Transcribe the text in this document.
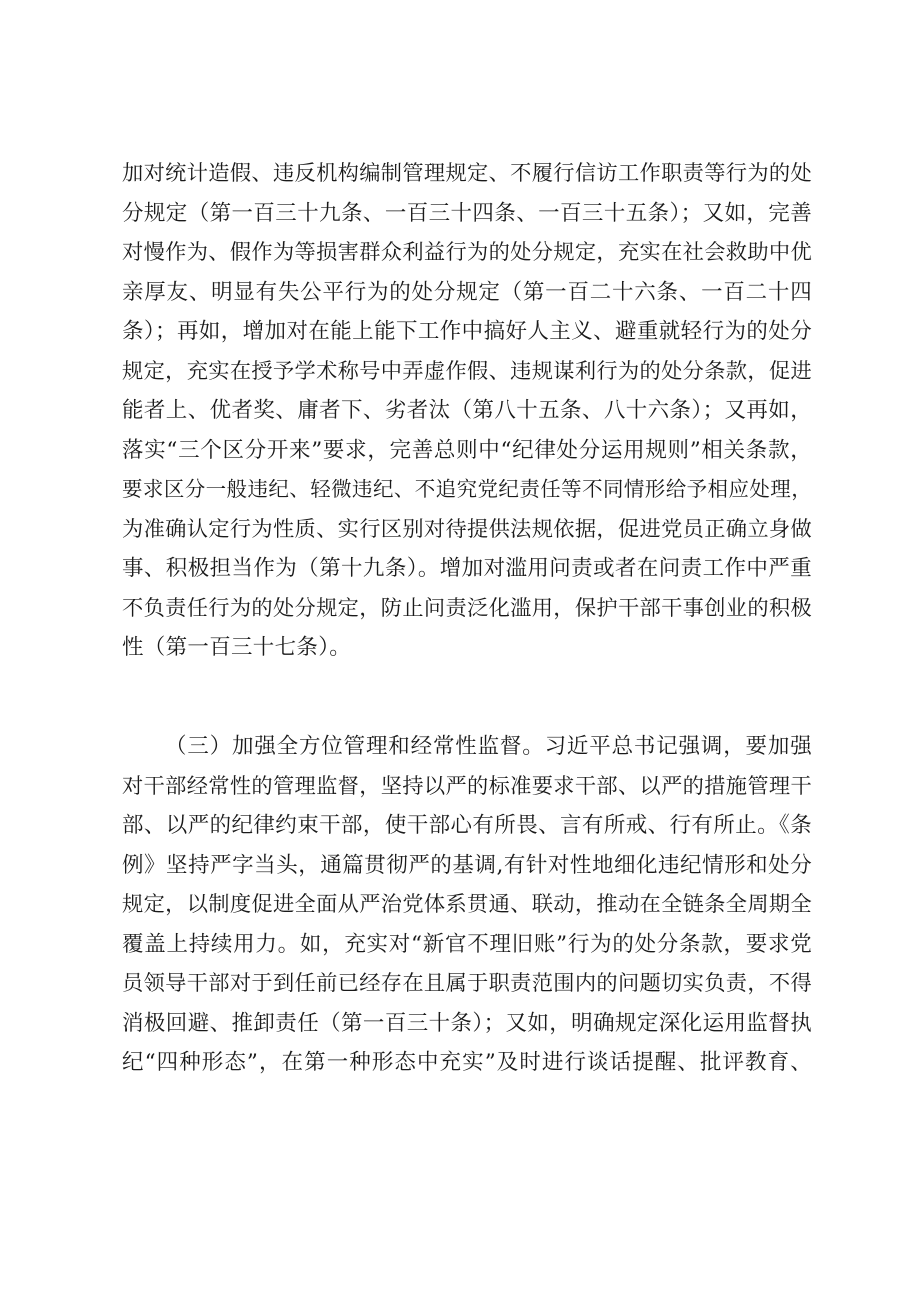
加对统计造假、违反机构编制管理规定、不履行信访工作职责等行为的处
分规定（第一百三十九条、一百三十四条、一百三十五条）；又如，完善
对慢作为、假作为等损害群众利益行为的处分规定，充实在社会救助中优
亲厚友、明显有失公平行为的处分规定（第一百二十六条、一百二十四
条）；再如，增加对在能上能下工作中搞好人主义、避重就轻行为的处分
规定，充实在授予学术称号中弄虚作假、违规谋利行为的处分条款，促进
能者上、优者奖、庸者下、劣者汰（第八十五条、八十六条）；又再如，
落实“三个区分开来”要求，完善总则中“纪律处分运用规则”相关条款，
要求区分一般违纪、轻微违纪、不追究党纪责任等不同情形给予相应处理，
为准确认定行为性质、实行区别对待提供法规依据，促进党员正确立身做
事、积极担当作为（第十九条）。增加对滥用问责或者在问责工作中严重
不负责任行为的处分规定，防止问责泛化滥用，保护干部干事创业的积极
性（第一百三十七条）。
（三）加强全方位管理和经常性监督。习近平总书记强调，要加强
对干部经常性的管理监督，坚持以严的标准要求干部、以严的措施管理干
部、以严的纪律约束干部，使干部心有所畏、言有所戒、行有所止。《条
例》坚持严字当头，通篇贯彻严的基调,有针对性地细化违纪情形和处分
规定，以制度促进全面从严治党体系贯通、联动，推动在全链条全周期全
覆盖上持续用力。如，充实对“新官不理旧账”行为的处分条款，要求党
员领导干部对于到任前已经存在且属于职责范围内的问题切实负责，不得
消极回避、推卸责任（第一百三十条）；又如，明确规定深化运用监督执
纪“四种形态”，在第一种形态中充实”及时进行谈话提醒、批评教育、
